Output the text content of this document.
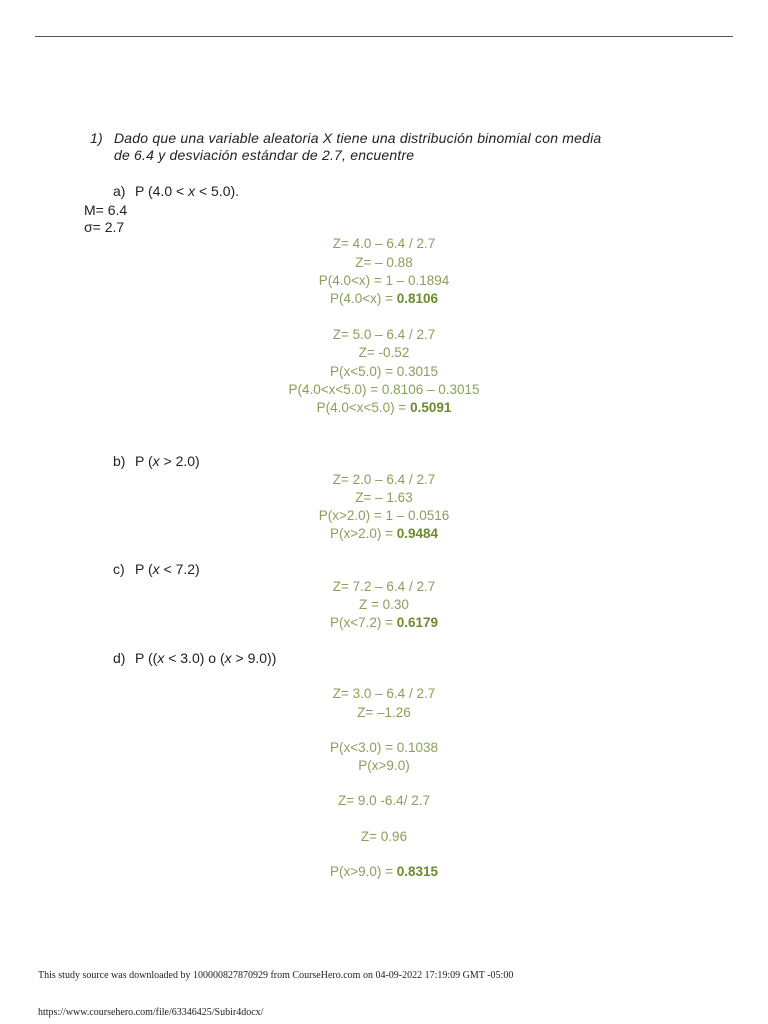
1) Dado que una variable aleatoria X tiene una distribución binomial con media
de 6.4 y desviación estándar de 2.7, encuentre
a) P (4.0 < x < 5.0).
M= 6.4
σ= 2.7
Z= 4.0 – 6.4 / 2.7
Z= – 0.88
P(4.0<x) = 1 – 0.1894
P(4.0<x) = 0.8106
Z= 5.0 – 6.4 / 2.7
Z= -0.52
P(x<5.0) = 0.3015
P(4.0<x<5.0) = 0.8106 – 0.3015
P(4.0<x<5.0) = 0.5091
b) P (x > 2.0)
Z= 2.0 – 6.4 / 2.7
Z= – 1.63
P(x>2.0) = 1 – 0.0516
P(x>2.0) = 0.9484
c) P (x < 7.2)
Z= 7.2 – 6.4 / 2.7
Z = 0.30
P(x<7.2) = 0.6179
d) P ((x < 3.0) o (x > 9.0))
Z= 3.0 – 6.4 / 2.7
Z= –1.26
P(x<3.0) = 0.1038
P(x>9.0)
Z= 9.0 -6.4/ 2.7
Z= 0.96
P(x>9.0) = 0.8315
This study source was downloaded by 100000827870929 from CourseHero.com on 04-09-2022 17:19:09 GMT -05:00
https://www.coursehero.com/file/63346425/Subir4docx/
